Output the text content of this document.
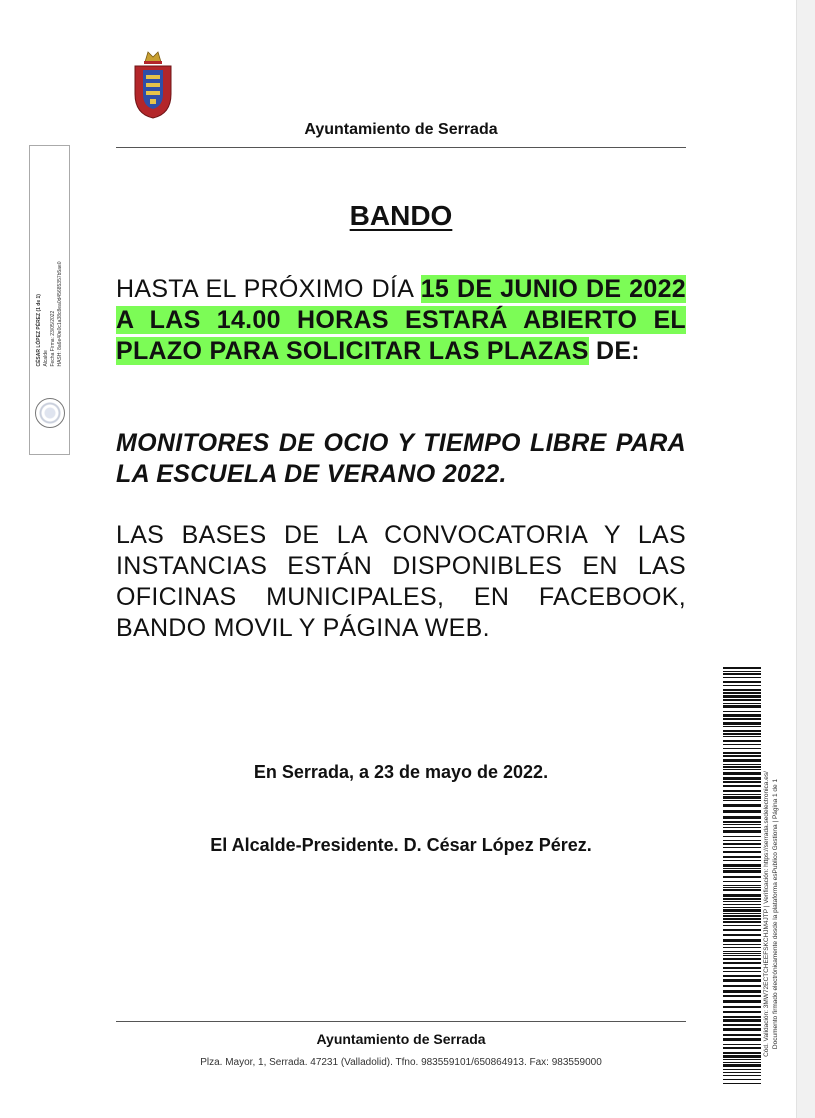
Ayuntamiento de Serrada
BANDO
HASTA EL PRÓXIMO DÍA 15 DE JUNIO DE 2022 A LAS 14.00 HORAS ESTARÁ ABIERTO EL PLAZO PARA SOLICITAR LAS PLAZAS DE:
MONITORES DE OCIO Y TIEMPO LIBRE PARA LA ESCUELA DE VERANO 2022.
LAS BASES DE LA CONVOCATORIA Y LAS INSTANCIAS ESTÁN DISPONIBLES EN LAS OFICINAS MUNICIPALES, EN FACEBOOK, BANDO MOVIL Y PÁGINA WEB.
En Serrada, a 23 de mayo de 2022.
El Alcalde-Presidente. D. César López Pérez.
Ayuntamiento de Serrada
Plza. Mayor, 1, Serrada. 47231 (Valladolid). Tfno. 983559101/650864913. Fax: 983559000
CÉSAR LÓPEZ PÉREZ (1 de 1) Alcalde Fecha Firma: 23/05/2022 HASH: 8a6e40e0c1a38c8ea0d45685357b5ae0
Cód. Validación: 3MW72ECTCHEEFSKCHJM4JTP | Verificación: https://serrada.sedelectronica.es/ Documento firmado electrónicamente desde la plataforma esPublico Gestiona | Página 1 de 1
